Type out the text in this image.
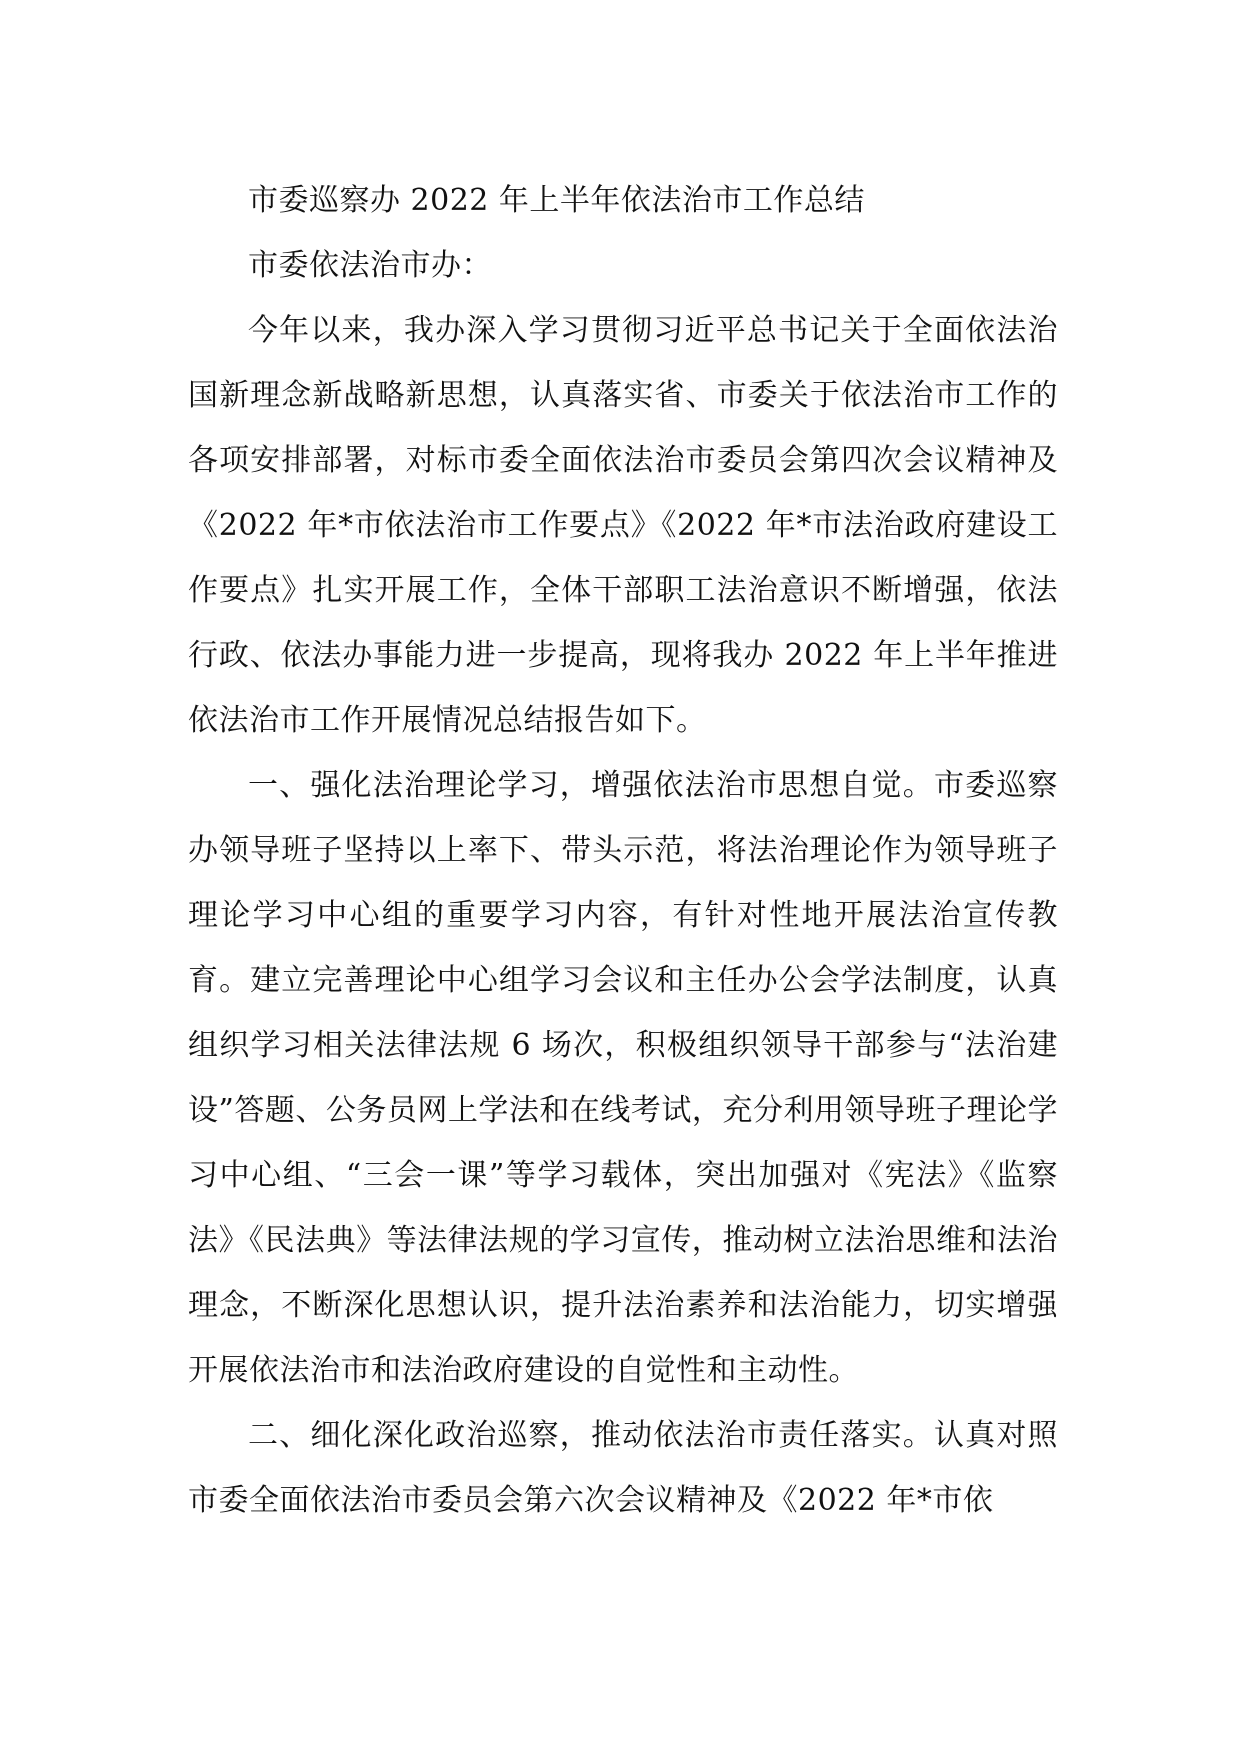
市委巡察办 2022 年上半年依法治市工作总结

市委依法治市办：

今年以来，我办深入学习贯彻习近平总书记关于全面依法治国新理念新战略新思想，认真落实省、市委关于依法治市工作的各项安排部署，对标市委全面依法治市委员会第四次会议精神及《2022 年*市依法治市工作要点》《2022 年*市法治政府建设工作要点》扎实开展工作，全体干部职工法治意识不断增强，依法行政、依法办事能力进一步提高，现将我办 2022 年上半年推进依法治市工作开展情况总结报告如下。

一、强化法治理论学习，增强依法治市思想自觉。市委巡察办领导班子坚持以上率下、带头示范，将法治理论作为领导班子理论学习中心组的重要学习内容，有针对性地开展法治宣传教育。建立完善理论中心组学习会议和主任办公会学法制度，认真组织学习相关法律法规 6 场次，积极组织领导干部参与“法治建设”答题、公务员网上学法和在线考试，充分利用领导班子理论学习中心组、“三会一课”等学习载体，突出加强对《宪法》《监察法》《民法典》等法律法规的学习宣传，推动树立法治思维和法治理念，不断深化思想认识，提升法治素养和法治能力，切实增强开展依法治市和法治政府建设的自觉性和主动性。

二、细化深化政治巡察，推动依法治市责任落实。认真对照市委全面依法治市委员会第六次会议精神及《2022 年*市依
